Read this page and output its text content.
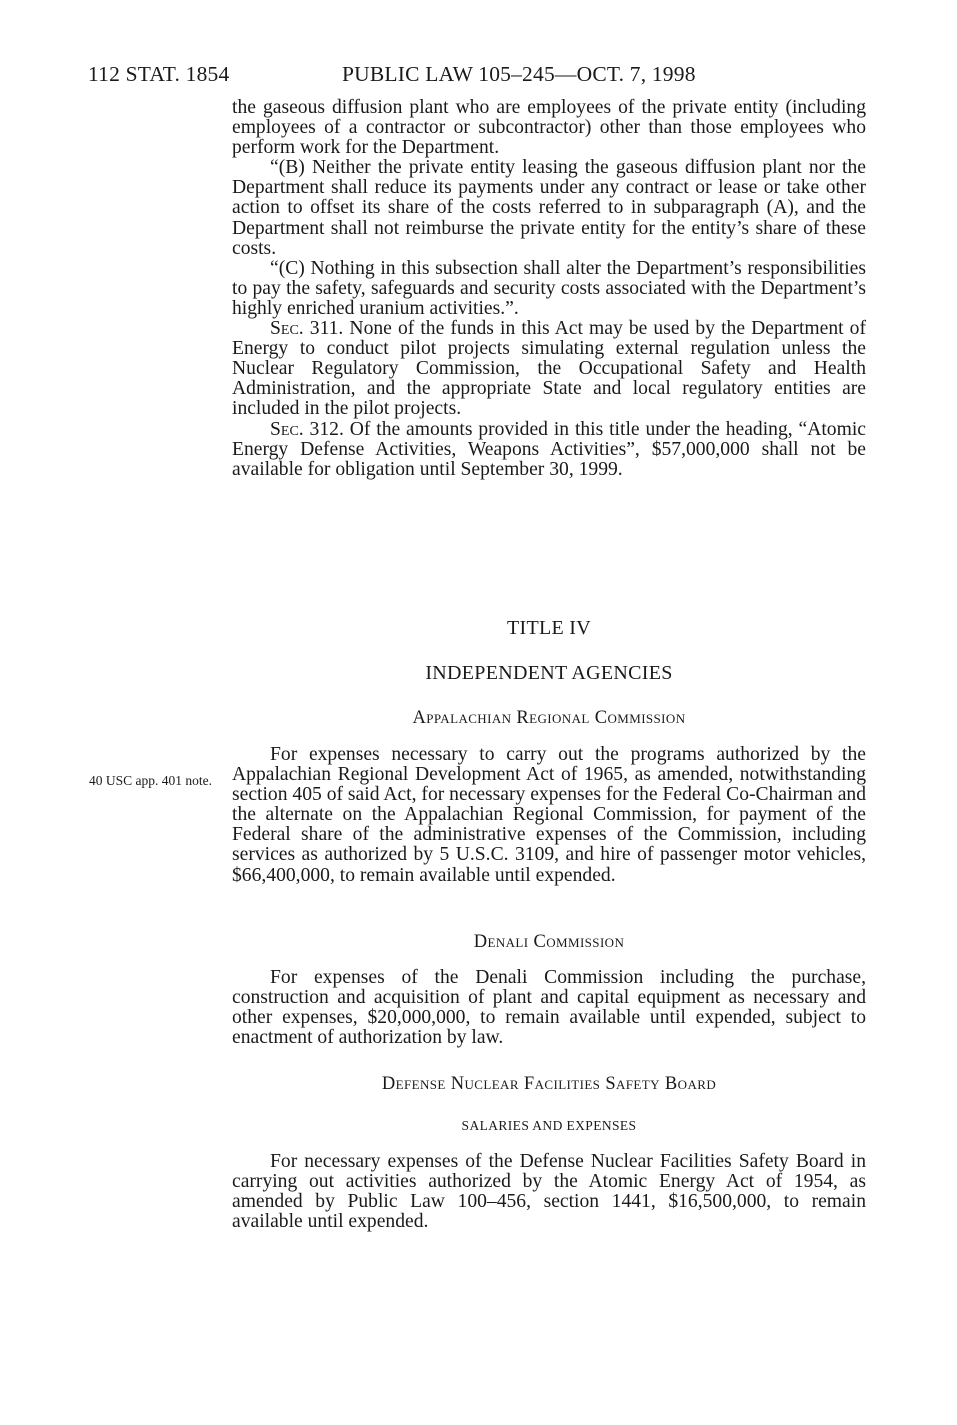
112 STAT. 1854	PUBLIC LAW 105–245—OCT. 7, 1998

the gaseous diffusion plant who are employees of the private entity (including employees of a contractor or subcontractor) other than those employees who perform work for the Department.

“(B) Neither the private entity leasing the gaseous diffusion plant nor the Department shall reduce its payments under any contract or lease or take other action to offset its share of the costs referred to in subparagraph (A), and the Department shall not reimburse the private entity for the entity’s share of these costs.

“(C) Nothing in this subsection shall alter the Department’s responsibilities to pay the safety, safeguards and security costs associated with the Department’s highly enriched uranium activities.”.

Sec. 311. None of the funds in this Act may be used by the Department of Energy to conduct pilot projects simulating external regulation unless the Nuclear Regulatory Commission, the Occupational Safety and Health Administration, and the appropriate State and local regulatory entities are included in the pilot projects.

Sec. 312. Of the amounts provided in this title under the heading, “Atomic Energy Defense Activities, Weapons Activities”, $57,000,000 shall not be available for obligation until September 30, 1999.

TITLE IV

INDEPENDENT AGENCIES

Appalachian Regional Commission

40 USC app. 401 note.

For expenses necessary to carry out the programs authorized by the Appalachian Regional Development Act of 1965, as amended, notwithstanding section 405 of said Act, for necessary expenses for the Federal Co-Chairman and the alternate on the Appalachian Regional Commission, for payment of the Federal share of the administrative expenses of the Commission, including services as authorized by 5 U.S.C. 3109, and hire of passenger motor vehicles, $66,400,000, to remain available until expended.

Denali Commission

For expenses of the Denali Commission including the purchase, construction and acquisition of plant and capital equipment as necessary and other expenses, $20,000,000, to remain available until expended, subject to enactment of authorization by law.

Defense Nuclear Facilities Safety Board

SALARIES AND EXPENSES

For necessary expenses of the Defense Nuclear Facilities Safety Board in carrying out activities authorized by the Atomic Energy Act of 1954, as amended by Public Law 100–456, section 1441, $16,500,000, to remain available until expended.
